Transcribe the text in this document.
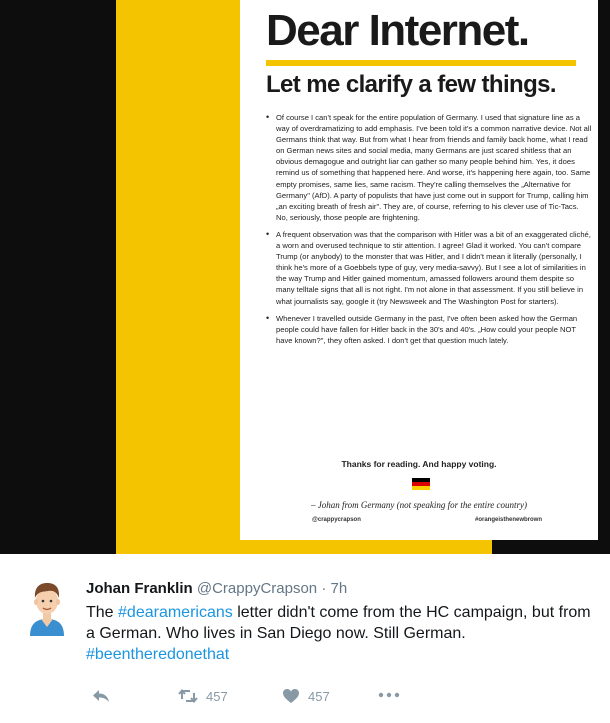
Dear Internet.
Let me clarify a few things.
• Of course I can't speak for the entire population of Germany. I used that signature line as a way of overdramatizing to add emphasis. I've been told it's a common narrative device. Not all Germans think that way. But from what I hear from friends and family back home, what I read on German news sites and social media, many Germans are just scared shitless that an obvious demagogue and outright liar can gather so many people behind him. Yes, it does remind us of something that happened here. And worse, it's happening here again, too. Same empty promises, same lies, same racism. They're calling themselves the „Alternative for Germany" (AfD). A party of populists that have just come out in support for Trump, calling him „an exciting breath of fresh air". They are, of course, referring to his clever use of Tic-Tacs. No, seriously, those people are frightening.
• A frequent observation was that the comparison with Hitler was a bit of an exaggerated cliché, a worn and overused technique to stir attention. I agree! Glad it worked. You can't compare Trump (or anybody) to the monster that was Hitler, and I didn't mean it literally (personally, I think he's more of a Goebbels type of guy, very media-savvy). But I see a lot of similarities in the way Trump and Hitler gained momentum, amassed followers around them despite so many telltale signs that all is not right. I'm not alone in that assessment. If you still believe in what journalists say, google it (try Newsweek and The Washington Post for starters).
• Whenever I travelled outside Germany in the past, I've often been asked how the German people could have fallen for Hitler back in the 30's and 40's. „How could your people NOT have known?", they often asked. I don't get that question much lately.
Thanks for reading. And happy voting.
– Johan from Germany (not speaking for the entire country)
@crappycrapson	#orangeisthenewbrown
Johan Franklin @CrappyCrapson · 7h

The #dearamericans letter didn't come from the HC campaign, but from a German. Who lives in San Diego now. Still German.
#beentheredonethat

457	457
